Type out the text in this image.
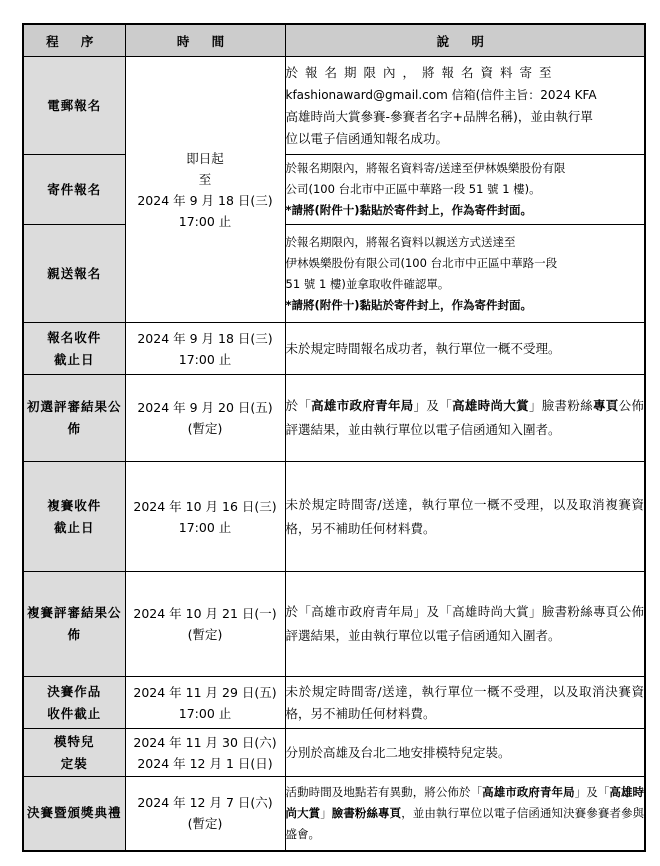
程 序	時 間	說 明
電郵報名	即日起
至
2024 年 9 月 18 日(三)
17:00 止	於報名期限內，將報名資料寄至
kfashionaward@gmail.com 信箱(信件主旨：2024 KFA
高雄時尚大賞參賽-參賽者名字+品牌名稱)，並由執行單
位以電子信函通知報名成功。

寄件報名		於報名期限內，將報名資料寄/送達至伊林娛樂股份有限
公司(100 台北市中正區中華路一段 51 號 1 樓)。
*請將(附件十)黏貼於寄件封上，作為寄件封面。

親送報名		於報名期限內，將報名資料以親送方式送達至
伊林娛樂股份有限公司(100 台北市中正區中華路一段
51 號 1 樓)並拿取收件確認單。
*請將(附件十)黏貼於寄件封上，作為寄件封面。

報名收件
截止日	2024 年 9 月 18 日(三)
17:00 止	未於規定時間報名成功者，執行單位一概不受理。
初選評審結果公佈	2024 年 9 月 20 日(五)
(暫定)	於「高雄市政府青年局」及「高雄時尚大賞」臉書粉絲專頁公佈評選結果，並由執行單位以電子信函通知入圍者。

複賽收件
截止日	2024 年 10 月 16 日(三)
17:00 止	未於規定時間寄/送達，執行單位一概不受理，以及取消複賽資格，另不補助任何材料費。
複賽評審結果公佈	2024 年 10 月 21 日(一)
(暫定)	於「高雄市政府青年局」及「高雄時尚大賞」臉書粉絲專頁公佈評選結果，並由執行單位以電子信函通知入圍者。

決賽作品
收件截止	2024 年 11 月 29 日(五)
17:00 止	未於規定時間寄/送達，執行單位一概不受理，以及取消決賽資格，另不補助任何材料費。

模特兒
定裝	2024 年 11 月 30 日(六)
2024 年 12 月 1 日(日)	分別於高雄及台北二地安排模特兒定裝。
決賽暨頒獎典禮	2024 年 12 月 7 日(六)
(暫定)	活動時間及地點若有異動，將公佈於「高雄市政府青年局」及「高雄時尚大賞」臉書粉絲專頁，並由執行單位以電子信函通知決賽參賽者參與盛會。
